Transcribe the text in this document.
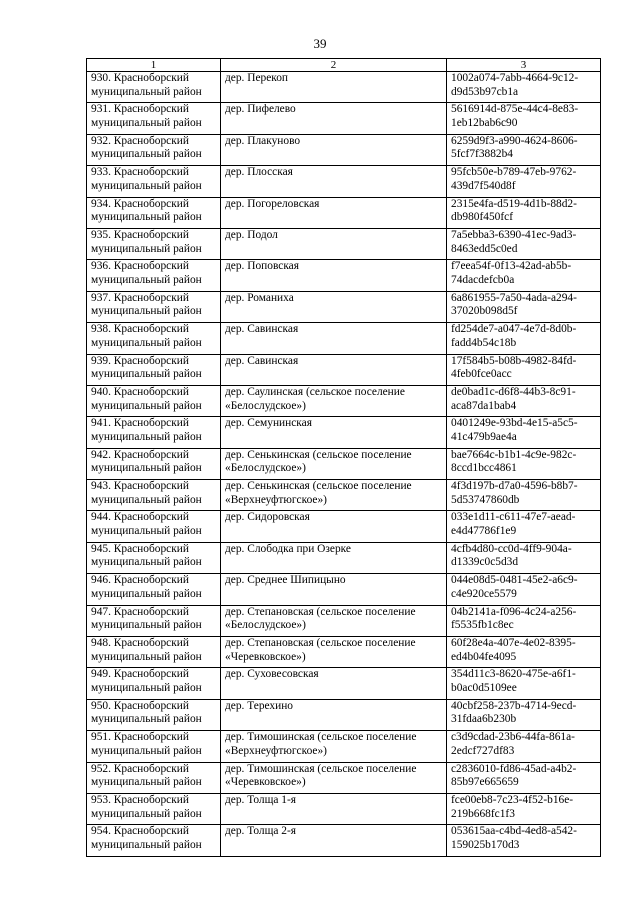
39
1	2	3

930. Красноборский
муниципальный район	дер. Перекоп	1002a074-7abb-4664-9c12-
d9d53b97cb1a

931. Красноборский
муниципальный район	дер. Пифелево	5616914d-875e-44c4-8e83-
1eb12bab6c90

932. Красноборский
муниципальный район	дер. Плакуново	6259d9f3-a990-4624-8606-
5fcf7f3882b4

933. Красноборский
муниципальный район	дер. Плосская	95fcb50e-b789-47eb-9762-
439d7f540d8f

934. Красноборский
муниципальный район	дер. Погореловская	2315e4fa-d519-4d1b-88d2-
db980f450fcf

935. Красноборский
муниципальный район	дер. Подол	7a5ebba3-6390-41ec-9ad3-
8463edd5c0ed

936. Красноборский
муниципальный район	дер. Поповская	f7eea54f-0f13-42ad-ab5b-
74dacdefcb0a

937. Красноборский
муниципальный район	дер. Романиха	6a861955-7a50-4ada-a294-
37020b098d5f

938. Красноборский
муниципальный район	дер. Савинская	fd254de7-a047-4e7d-8d0b-
fadd4b54c18b

939. Красноборский
муниципальный район	дер. Савинская	17f584b5-b08b-4982-84fd-
4feb0fce0acc

940. Красноборский
муниципальный район	дер. Саулинская (сельское поселение
«Белослудское»)	de0bad1c-d6f8-44b3-8c91-
aca87da1bab4

941. Красноборский
муниципальный район	дер. Семунинская	0401249e-93bd-4e15-a5c5-
41c479b9ae4a

942. Красноборский
муниципальный район	дер. Сенькинская (сельское поселение
«Белослудское»)	bae7664c-b1b1-4c9e-982c-
8ccd1bcc4861

943. Красноборский
муниципальный район	дер. Сенькинская (сельское поселение
«Верхнеуфтюгское»)	4f3d197b-d7a0-4596-b8b7-
5d53747860db

944. Красноборский
муниципальный район	дер. Сидоровская	033e1d11-c611-47e7-aead-
e4d47786f1e9

945. Красноборский
муниципальный район	дер. Слободка при Озерке	4cfb4d80-cc0d-4ff9-904a-
d1339c0c5d3d

946. Красноборский
муниципальный район	дер. Среднее Шипицыно	044e08d5-0481-45e2-a6c9-
c4e920ce5579

947. Красноборский
муниципальный район	дер. Степановская (сельское поселение
«Белослудское»)	04b2141a-f096-4c24-a256-
f5535fb1c8ec

948. Красноборский
муниципальный район	дер. Степановская (сельское поселение
«Черевковское»)	60f28e4a-407e-4e02-8395-
ed4b04fe4095

949. Красноборский
муниципальный район	дер. Суховесовская	354d11c3-8620-475e-a6f1-
b0ac0d5109ee

950. Красноборский
муниципальный район	дер. Терехино	40cbf258-237b-4714-9ecd-
31fdaa6b230b

951. Красноборский
муниципальный район	дер. Тимошинская (сельское поселение
«Верхнеуфтюгское»)	c3d9cdad-23b6-44fa-861a-
2edcf727df83

952. Красноборский
муниципальный район	дер. Тимошинская (сельское поселение
«Черевковское»)	c2836010-fd86-45ad-a4b2-
85b97e665659

953. Красноборский
муниципальный район	дер. Толща 1-я	fce00eb8-7c23-4f52-b16e-
219b668fc1f3

954. Красноборский
муниципальный район	дер. Толща 2-я	053615aa-c4bd-4ed8-a542-
159025b170d3
